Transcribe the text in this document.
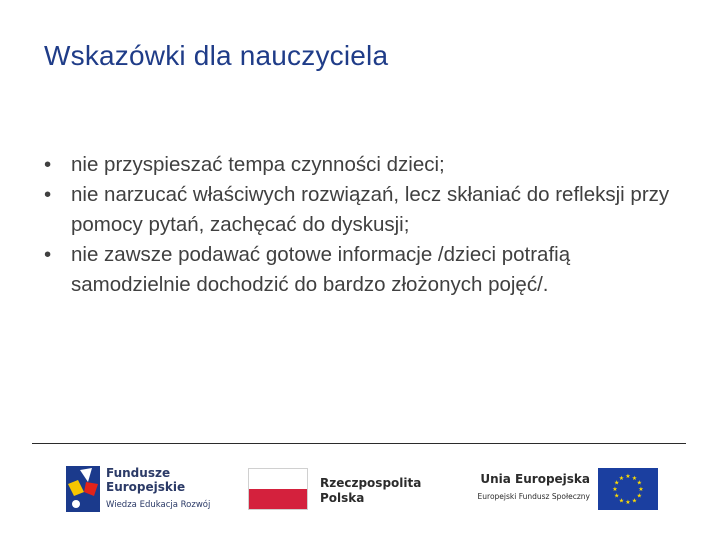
Wskazówki dla nauczyciela
• nie przyspieszać tempa czynności dzieci;
• nie narzucać właściwych rozwiązań, lecz skłaniać do refleksji przy pomocy pytań, zachęcać do dyskusji;
• nie zawsze podawać gotowe informacje /dzieci potrafią samodzielnie dochodzić do bardzo złożonych pojęć/.
Fundusze
Europejskie
Wiedza Edukacja Rozwój
Rzeczpospolita
Polska
Unia Europejska
Europejski Fundusz Społeczny
★ ★
★
★
★
★
★
★
★
★
★
★
